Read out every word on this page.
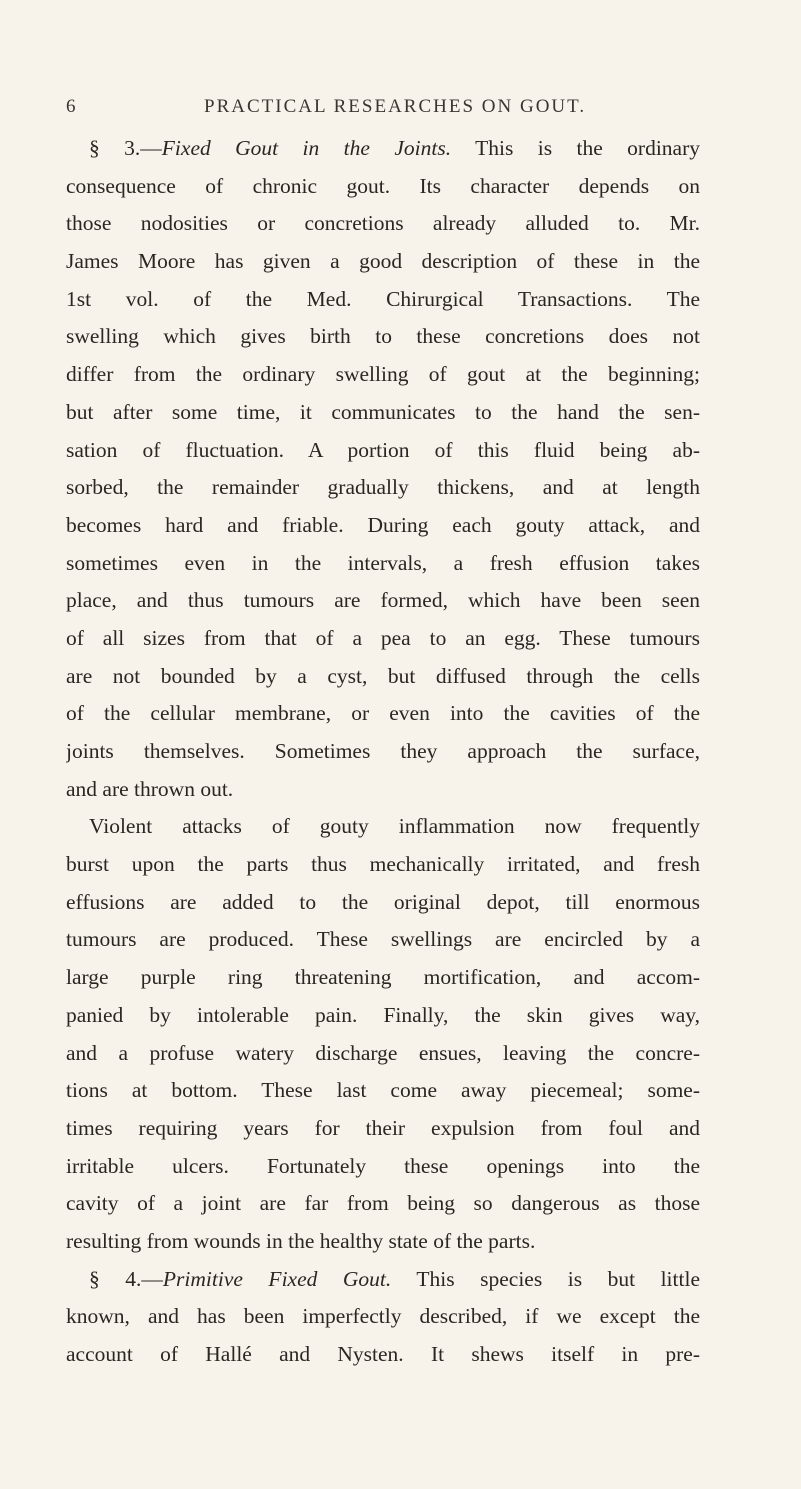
6	PRACTICAL RESEARCHES ON GOUT.
§ 3.—Fixed Gout in the Joints. This is the ordinary
consequence of chronic gout. Its character depends on
those nodosities or concretions already alluded to. Mr.
James Moore has given a good description of these in the
1st vol. of the Med. Chirurgical Transactions. The
swelling which gives birth to these concretions does not
differ from the ordinary swelling of gout at the beginning;
but after some time, it communicates to the hand the sen-
sation of fluctuation. A portion of this fluid being ab-
sorbed, the remainder gradually thickens, and at length
becomes hard and friable. During each gouty attack, and
sometimes even in the intervals, a fresh effusion takes
place, and thus tumours are formed, which have been seen
of all sizes from that of a pea to an egg. These tumours
are not bounded by a cyst, but diffused through the cells
of the cellular membrane, or even into the cavities of the
joints themselves. Sometimes they approach the surface,
and are thrown out.
Violent attacks of gouty inflammation now frequently
burst upon the parts thus mechanically irritated, and fresh
effusions are added to the original depot, till enormous
tumours are produced. These swellings are encircled by a
large purple ring threatening mortification, and accom-
panied by intolerable pain. Finally, the skin gives way,
and a profuse watery discharge ensues, leaving the concre-
tions at bottom. These last come away piecemeal; some-
times requiring years for their expulsion from foul and
irritable ulcers. Fortunately these openings into the
cavity of a joint are far from being so dangerous as those
resulting from wounds in the healthy state of the parts.
§ 4.—Primitive Fixed Gout. This species is but little
known, and has been imperfectly described, if we except the
account of Hallé and Nysten. It shews itself in pre-
